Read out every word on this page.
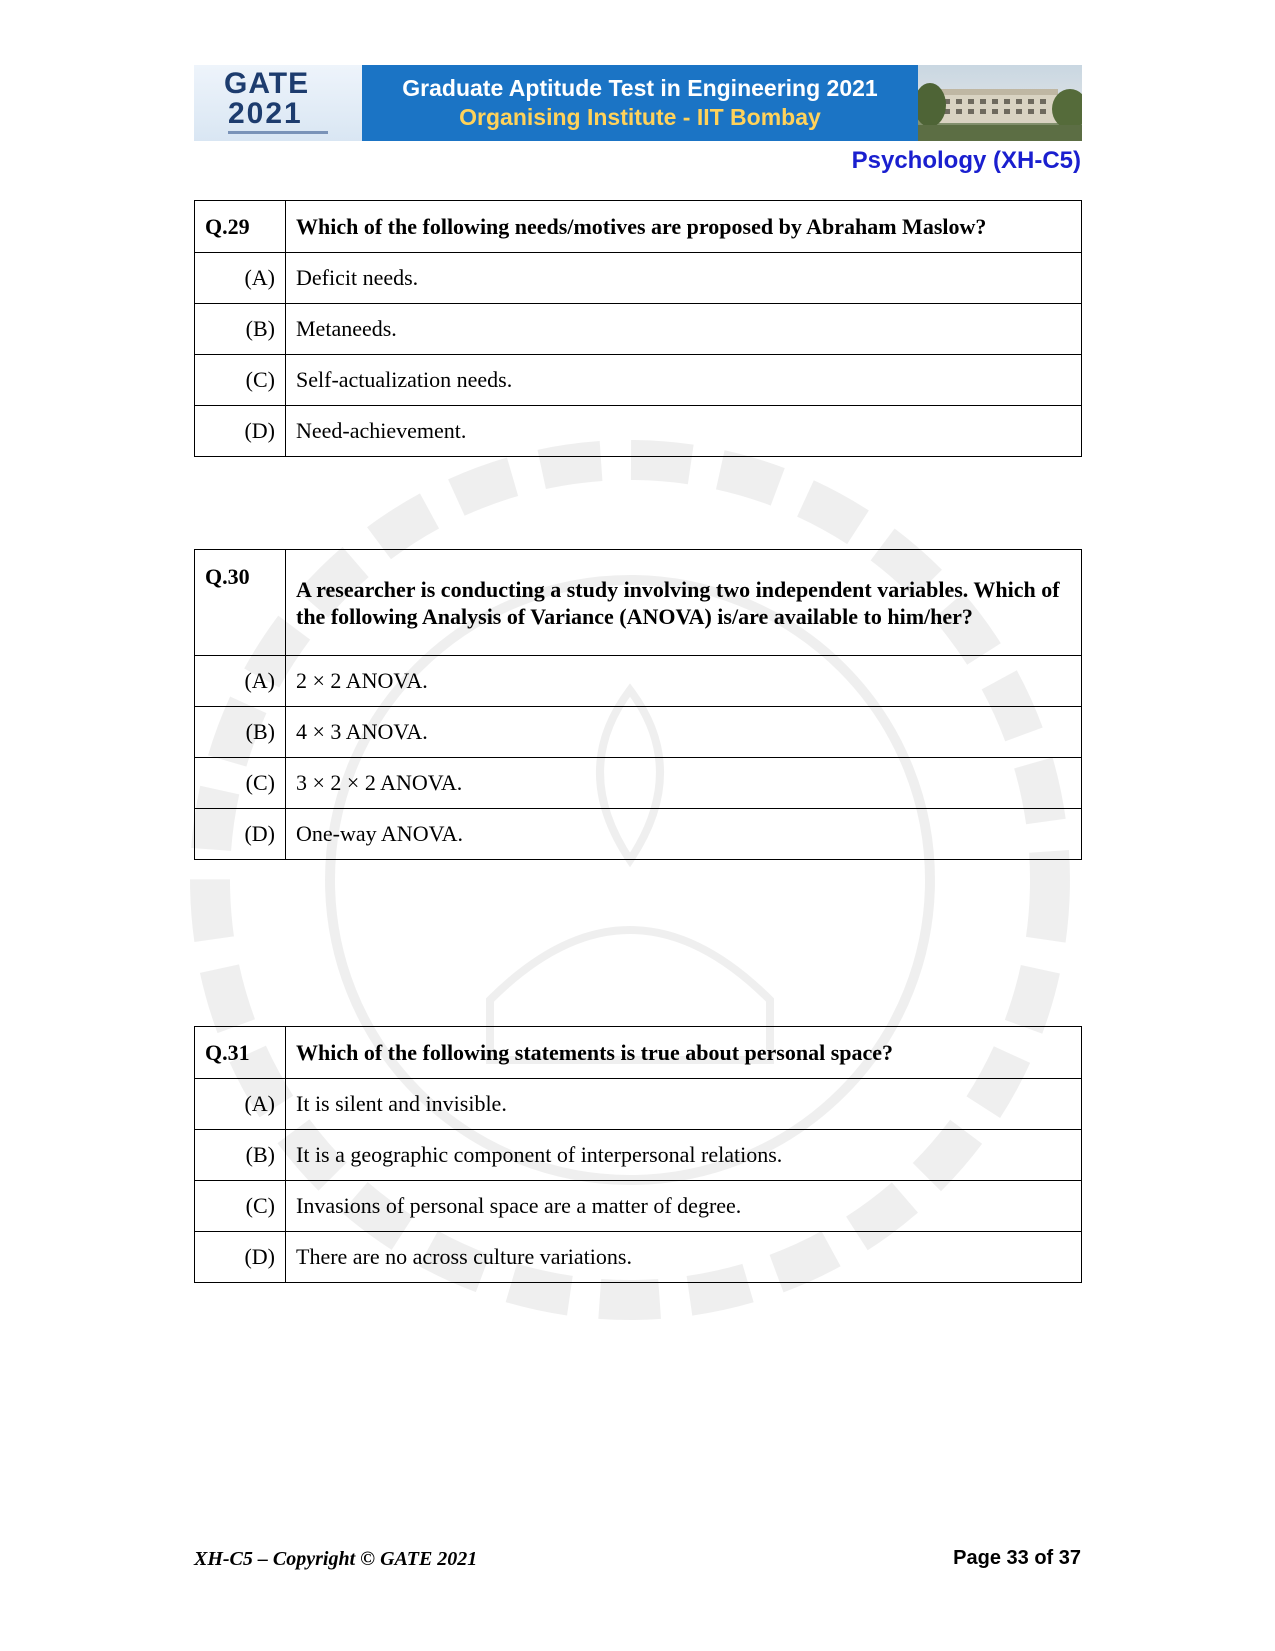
GATE
2021
Graduate Aptitude Test in Engineering 2021
Organising Institute - IIT Bombay
Psychology (XH-C5)
Q.29	Which of the following needs/motives are proposed by Abraham Maslow?
(A)	Deficit needs.
(B)	Metaneeds.
(C)	Self-actualization needs.
(D)	Need-achievement.
Q.30	A researcher is conducting a study involving two independent variables. Which of the following Analysis of Variance (ANOVA) is/are available to him/her?
(A)	2 × 2 ANOVA.
(B)	4 × 3 ANOVA.
(C)	3 × 2 × 2 ANOVA.
(D)	One-way ANOVA.
Q.31	Which of the following statements is true about personal space?
(A)	It is silent and invisible.
(B)	It is a geographic component of interpersonal relations.
(C)	Invasions of personal space are a matter of degree.
(D)	There are no across culture variations.
XH-C5 – Copyright © GATE 2021	Page 33 of 37
